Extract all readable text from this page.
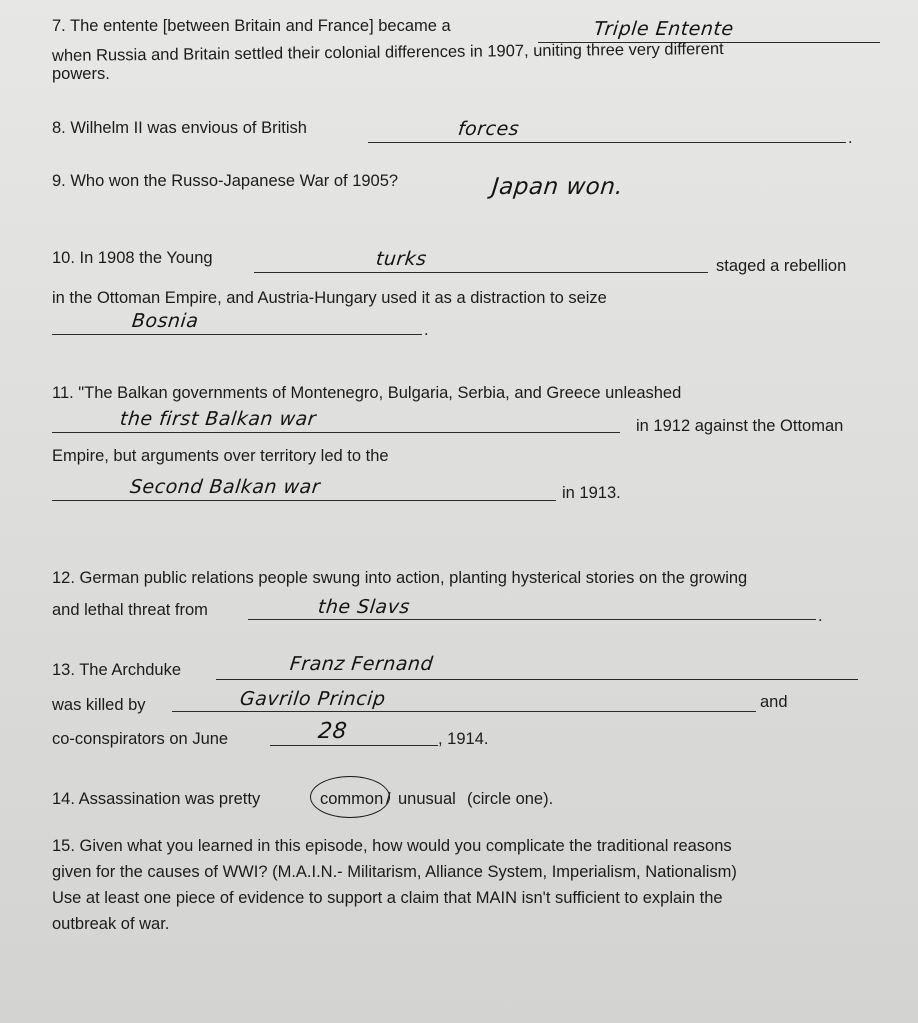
7. The entente [between Britain and France] became a	Triple Entente
when Russia and Britain settled their colonial differences in 1907, uniting three very different
powers.
8. Wilhelm II was envious of British	forces	.
9. Who won the Russo-Japanese War of 1905?	Japan won.
10. In 1908 the Young	turks	staged a rebellion
in the Ottoman Empire, and Austria-Hungary used it as a distraction to seize
Bosnia	.
11. "The Balkan governments of Montenegro, Bulgaria, Serbia, and Greece unleashed
the first Balkan war	in 1912 against the Ottoman
Empire, but arguments over territory led to the
Second Balkan war	in 1913.
12. German public relations people swung into action, planting hysterical stories on the growing
and lethal threat from	the Slavs	.
13. The Archduke	Franz Fernand
was killed by	Gavrilo Princip	and
co-conspirators on June	28	, 1914.
14. Assassination was pretty	common / unusual (circle one).
15. Given what you learned in this episode, how would you complicate the traditional reasons
given for the causes of WWI? (M.A.I.N.- Militarism, Alliance System, Imperialism, Nationalism)
Use at least one piece of evidence to support a claim that MAIN isn't sufficient to explain the
outbreak of war.
